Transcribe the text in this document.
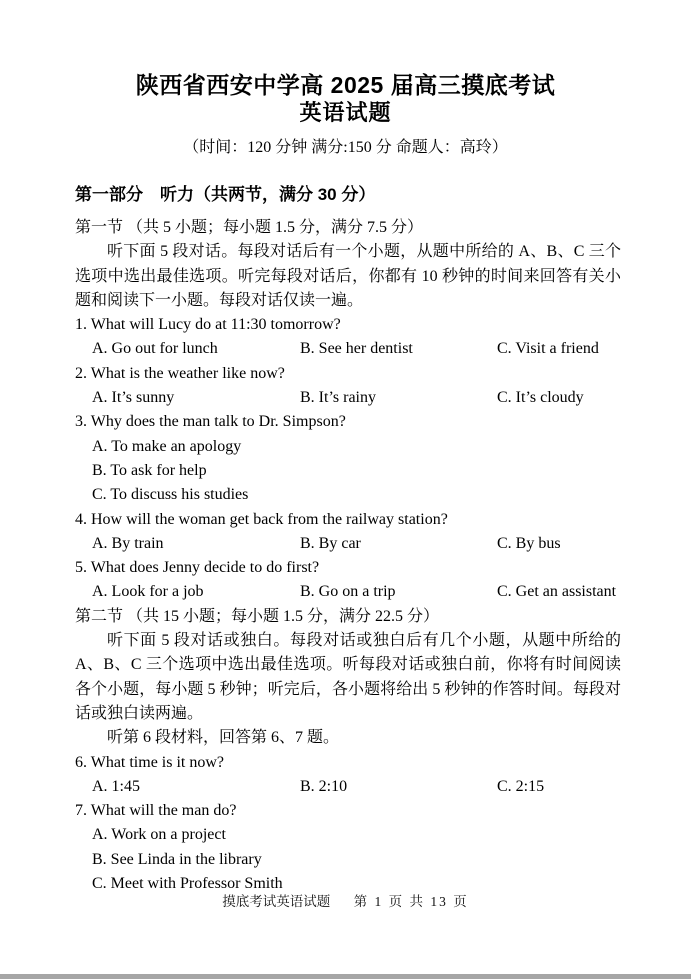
陕西省西安中学高 2025 届高三摸底考试
英语试题
（时间：120 分钟 满分:150 分 命题人：高玲）
第一部分　听力（共两节，满分 30 分）
第一节 （共 5 小题；每小题 1.5 分，满分 7.5 分）

听下面 5 段对话。每段对话后有一个小题，从题中所给的 A、B、C 三个选项中选出最佳选项。听完每段对话后，你都有 10 秒钟的时间来回答有关小题和阅读下一小题。每段对话仅读一遍。

1. What will Lucy do at 11:30 tomorrow?
A. Go out for lunch	B. See her dentist	C. Visit a friend
2. What is the weather like now?
A. It’s sunny	B. It’s rainy	C. It’s cloudy
3. Why does the man talk to Dr. Simpson?
A. To make an apology
B. To ask for help
C. To discuss his studies
4. How will the woman get back from the railway station?
A. By train	B. By car	C. By bus
5. What does Jenny decide to do first?
A. Look for a job	B. Go on a trip	C. Get an assistant
第二节 （共 15 小题；每小题 1.5 分，满分 22.5 分）

听下面 5 段对话或独白。每段对话或独白后有几个小题，从题中所给的 A、B、C 三个选项中选出最佳选项。听每段对话或独白前，你将有时间阅读各个小题，每小题 5 秒钟；听完后，各小题将给出 5 秒钟的作答时间。每段对话或独白读两遍。

听第 6 段材料，回答第 6、7 题。
6. What time is it now?
A. 1:45	B. 2:10	C. 2:15
7. What will the man do?
A. Work on a project
B. See Linda in the library
C. Meet with Professor Smith
摸底考试英语试题 第 1 页 共 13 页
